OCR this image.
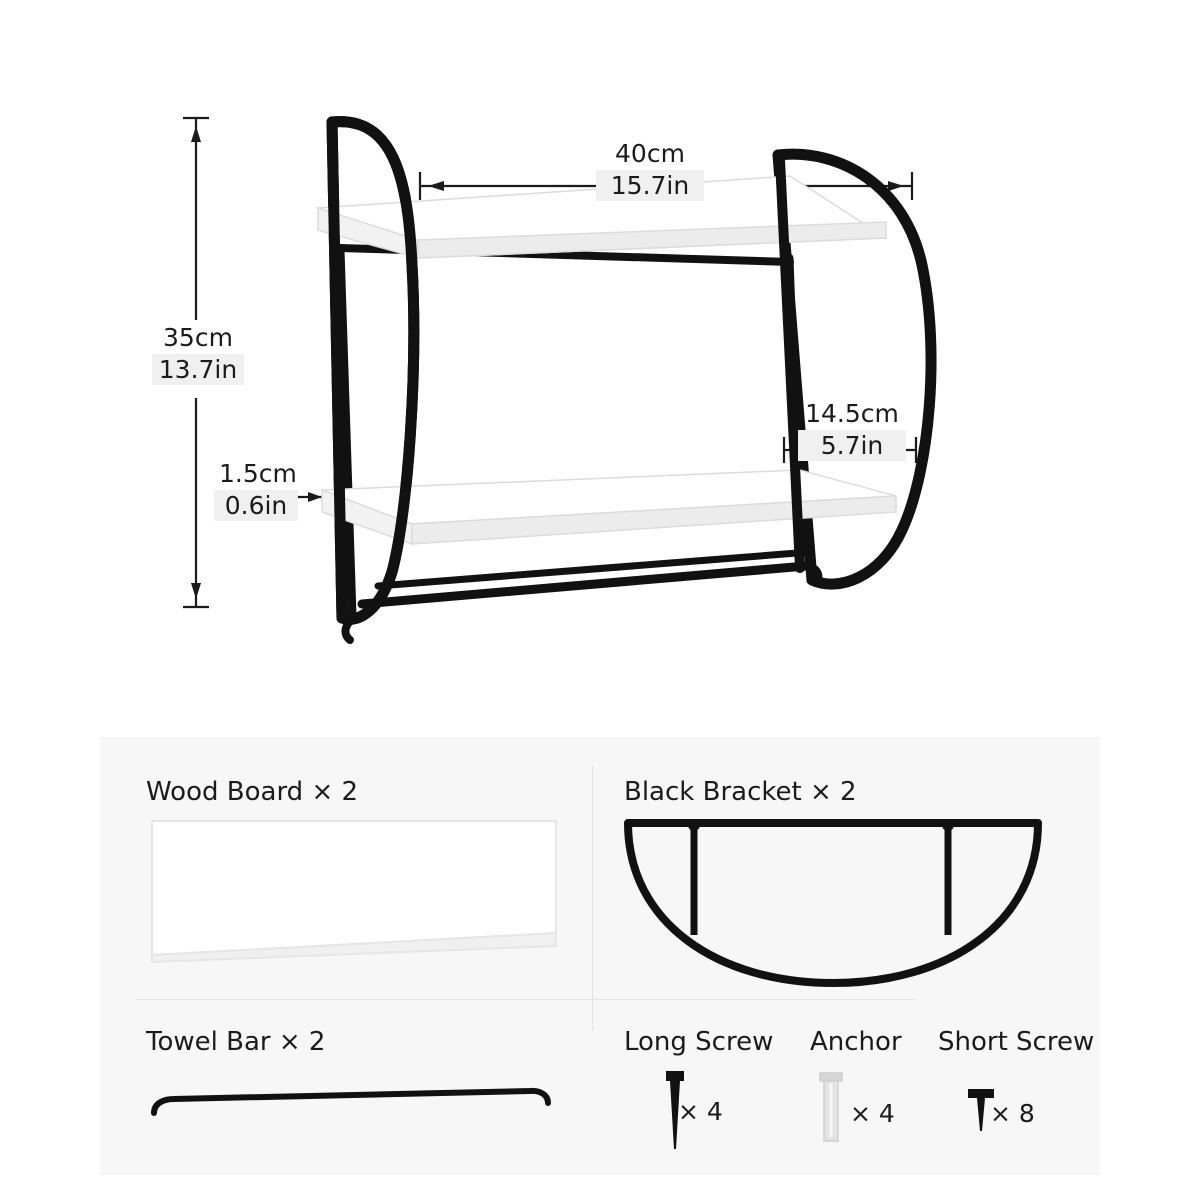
35cm
13.7in
40cm
15.7in
14.5cm
5.7in
1.5cm
0.6in
Wood Board × 2	Black Bracket × 2
Towel Bar × 2	Long Screw
× 4
Anchor
× 4
Short Screw
× 8
